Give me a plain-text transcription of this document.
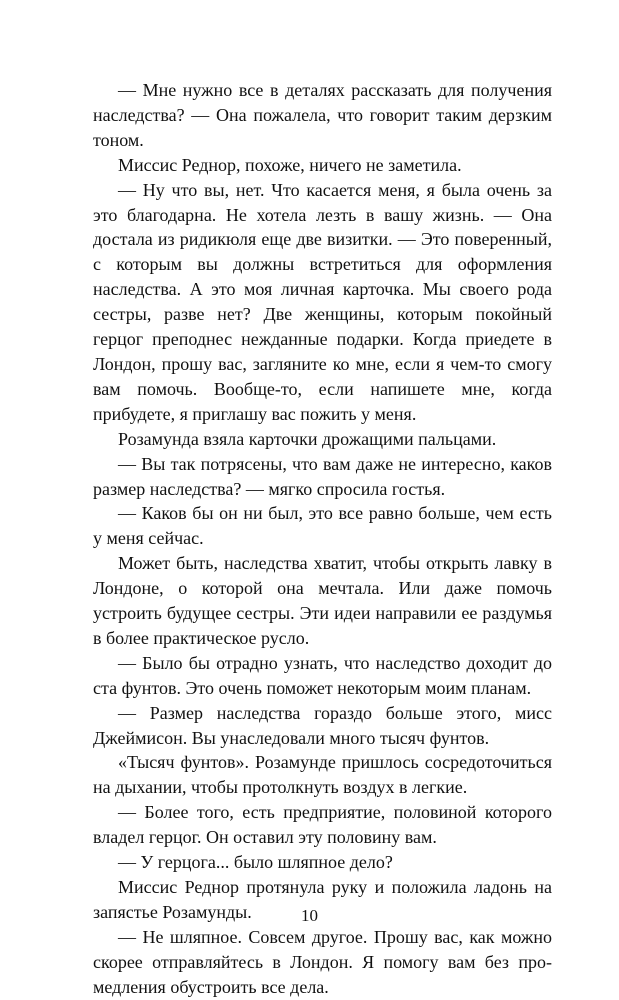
— Мне нужно все в деталях рассказать для получения наследства? — Она пожалела, что говорит таким дерзким тоном.

Миссис Реднор, похоже, ничего не заметила.

— Ну что вы, нет. Что касается меня, я была очень за это благодарна. Не хотела лезть в вашу жизнь. — Она достала из ридикюля еще две визитки. — Это поверенный, с которым вы должны встретиться для оформления наследства. А это моя личная карточка. Мы своего рода сестры, разве нет? Две женщины, которым покойный герцог преподнес нежданные подарки. Когда приедете в Лондон, прошу вас, загляните ко мне, если я чем-то смогу вам помочь. Вообще-то, если напишете мне, когда прибудете, я приглашу вас пожить у меня.

Розамунда взяла карточки дрожащими пальцами.

— Вы так потрясены, что вам даже не интересно, каков размер наследства? — мягко спросила гостья.

— Каков бы он ни был, это все равно больше, чем есть у меня сейчас.

Может быть, наследства хватит, чтобы открыть лавку в Лондоне, о которой она мечтала. Или даже помочь устроить будущее сестры. Эти идеи направили ее раздумья в более практическое русло.

— Было бы отрадно узнать, что наследство доходит до ста фунтов. Это очень поможет некоторым моим планам.

— Размер наследства гораздо больше этого, мисс Джеймисон. Вы унаследовали много тысяч фунтов.

«Тысяч фунтов». Розамунде пришлось сосредоточиться на дыхании, чтобы протолкнуть воздух в легкие.

— Более того, есть предприятие, половиной которого владел герцог. Он оставил эту половину вам.

— У герцога... было шляпное дело?

Миссис Реднор протянула руку и положила ладонь на запястье Розамунды.

— Не шляпное. Совсем другое. Прошу вас, как можно скорее отправляйтесь в Лондон. Я помогу вам без промедления обустроить все дела.

10
